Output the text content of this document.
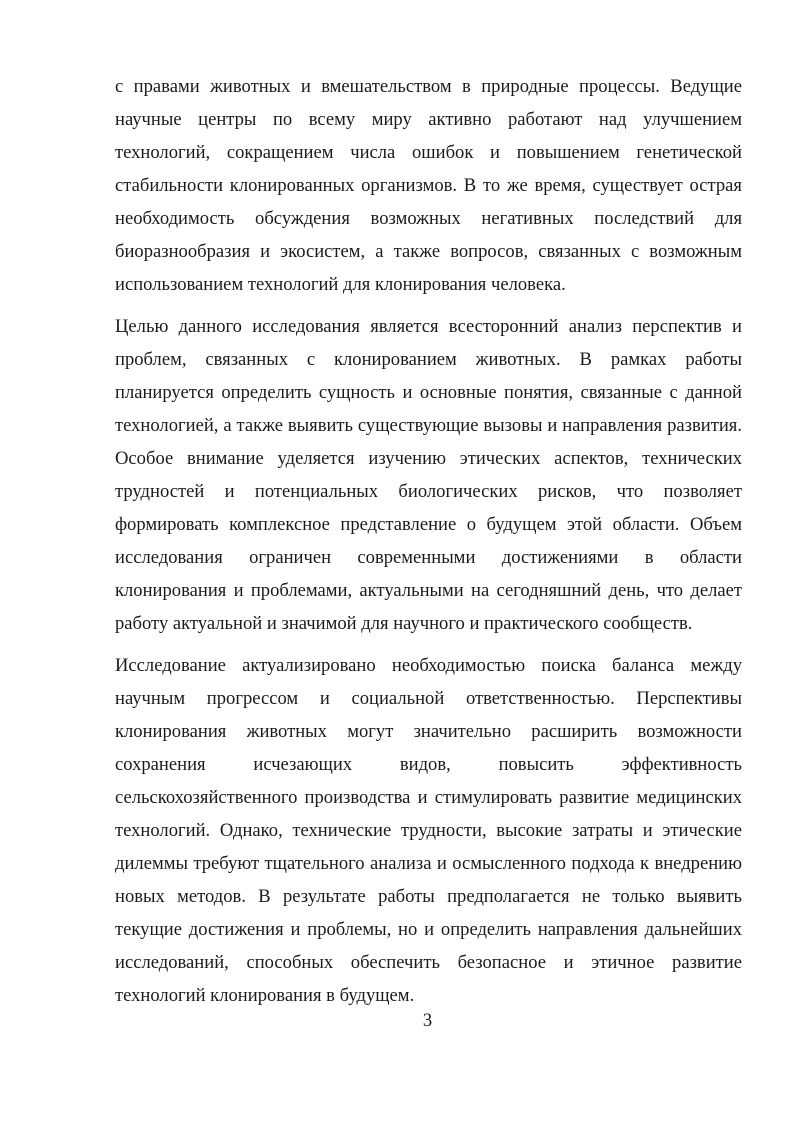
с правами животных и вмешательством в природные процессы. Ведущие
научные центры по всему миру активно работают над улучшением
технологий, сокращением числа ошибок и повышением генетической
стабильности клонированных организмов. В то же время, существует острая
необходимость обсуждения возможных негативных последствий для
биоразнообразия и экосистем, а также вопросов, связанных с возможным
использованием технологий для клонирования человека.
Целью данного исследования является всесторонний анализ перспектив и
проблем, связанных с клонированием животных. В рамках работы
планируется определить сущность и основные понятия, связанные с данной
технологией, а также выявить существующие вызовы и направления развития.
Особое внимание уделяется изучению этических аспектов, технических
трудностей и потенциальных биологических рисков, что позволяет
формировать комплексное представление о будущем этой области. Объем
исследования ограничен современными достижениями в области
клонирования и проблемами, актуальными на сегодняшний день, что делает
работу актуальной и значимой для научного и практического сообществ.
Исследование актуализировано необходимостью поиска баланса между
научным прогрессом и социальной ответственностью. Перспективы
клонирования животных могут значительно расширить возможности
сохранения исчезающих видов, повысить эффективность
сельскохозяйственного производства и стимулировать развитие медицинских
технологий. Однако, технические трудности, высокие затраты и этические
дилеммы требуют тщательного анализа и осмысленного подхода к внедрению
новых методов. В результате работы предполагается не только выявить
текущие достижения и проблемы, но и определить направления дальнейших
исследований, способных обеспечить безопасное и этичное развитие
технологий клонирования в будущем.
3
